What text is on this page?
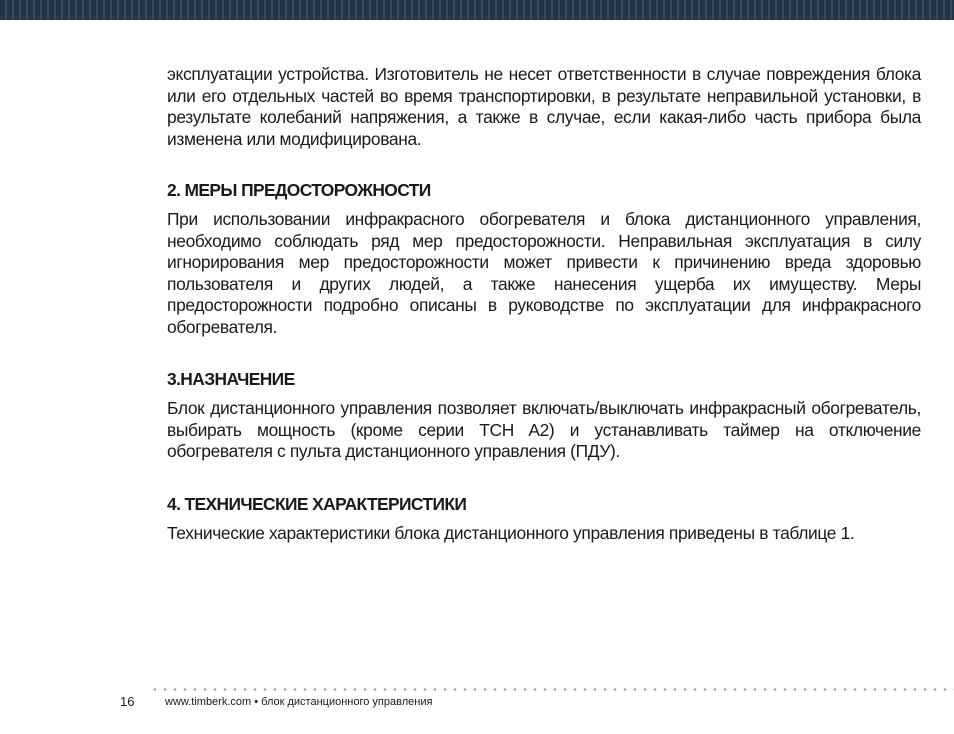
эксплуатации устройства. Изготовитель не несет ответственности в случае повреждения блока или его отдельных частей во время транспортировки, в результате неправильной установки, в результате колебаний напряжения, а также в случае, если какая-либо часть прибора была изменена или модифицирована.

2. МЕРЫ ПРЕДОСТОРОЖНОСТИ

При использовании инфракрасного обогревателя и блока дистанционного управления, необходимо соблюдать ряд мер предосторожности. Неправильная эксплуатация в силу игнорирования мер предосторожности может привести к причинению вреда здоровью пользователя и других людей, а также нанесения ущерба их имуществу. Меры предосторожности подробно описаны в руководстве по эксплуатации для инфракрасного обогревателя.

3.НАЗНАЧЕНИЕ

Блок дистанционного управления позволяет включать/выключать инфракрасный обогреватель, выбирать мощность (кроме серии TCH A2) и устанавливать таймер на отключение обогревателя с пульта дистанционного управления (ПДУ).

4. ТЕХНИЧЕСКИЕ ХАРАКТЕРИСТИКИ

Технические характеристики блока дистанционного управления приведены в таблице 1.

16	www.timberk.com • блок дистанционного управления
